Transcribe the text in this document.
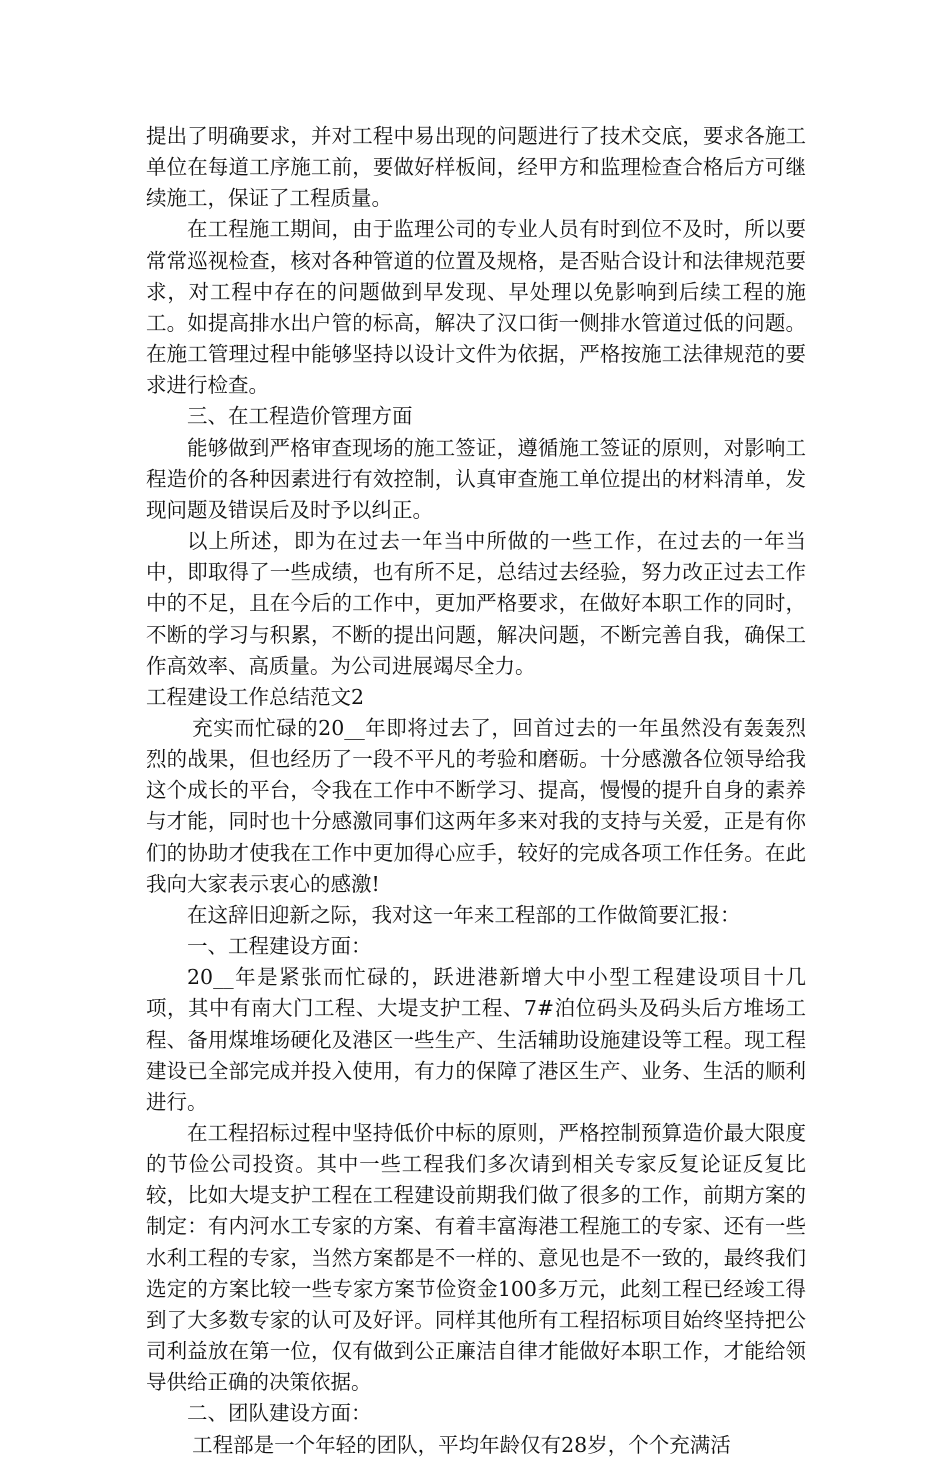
提出了明确要求，并对工程中易出现的问题进行了技术交底，要求各施工单位在每道工序施工前，要做好样板间，经甲方和监理检查合格后方可继续施工，保证了工程质量。

在工程施工期间，由于监理公司的专业人员有时到位不及时，所以要常常巡视检查，核对各种管道的位置及规格，是否贴合设计和法律规范要求，对工程中存在的问题做到早发现、早处理以免影响到后续工程的施工。如提高排水出户管的标高，解决了汉口街一侧排水管道过低的问题。在施工管理过程中能够坚持以设计文件为依据，严格按施工法律规范的要求进行检查。

三、在工程造价管理方面

能够做到严格审查现场的施工签证，遵循施工签证的原则，对影响工程造价的各种因素进行有效控制，认真审查施工单位提出的材料清单，发现问题及错误后及时予以纠正。

以上所述，即为在过去一年当中所做的一些工作，在过去的一年当中，即取得了一些成绩，也有所不足，总结过去经验，努力改正过去工作中的不足，且在今后的工作中，更加严格要求，在做好本职工作的同时，不断的学习与积累，不断的提出问题，解决问题，不断完善自我，确保工作高效率、高质量。为公司进展竭尽全力。

工程建设工作总结范文2

充实而忙碌的20__年即将过去了，回首过去的一年虽然没有轰轰烈烈的战果，但也经历了一段不平凡的考验和磨砺。十分感激各位领导给我这个成长的平台，令我在工作中不断学习、提高，慢慢的提升自身的素养与才能，同时也十分感激同事们这两年多来对我的支持与关爱，正是有你们的协助才使我在工作中更加得心应手，较好的完成各项工作任务。在此我向大家表示衷心的感激!

在这辞旧迎新之际，我对这一年来工程部的工作做简要汇报：

一、工程建设方面：

20__年是紧张而忙碌的，跃进港新增大中小型工程建设项目十几项，其中有南大门工程、大堤支护工程、7#泊位码头及码头后方堆场工程、备用煤堆场硬化及港区一些生产、生活辅助设施建设等工程。现工程建设已全部完成并投入使用，有力的保障了港区生产、业务、生活的顺利进行。

在工程招标过程中坚持低价中标的原则，严格控制预算造价最大限度的节俭公司投资。其中一些工程我们多次请到相关专家反复论证反复比较，比如大堤支护工程在工程建设前期我们做了很多的工作，前期方案的制定：有内河水工专家的方案、有着丰富海港工程施工的专家、还有一些水利工程的专家，当然方案都是不一样的、意见也是不一致的，最终我们选定的方案比较一些专家方案节俭资金100多万元，此刻工程已经竣工得到了大多数专家的认可及好评。同样其他所有工程招标项目始终坚持把公司利益放在第一位，仅有做到公正廉洁自律才能做好本职工作，才能给领导供给正确的决策依据。

二、团队建设方面：

工程部是一个年轻的团队，平均年龄仅有28岁，个个充满活
